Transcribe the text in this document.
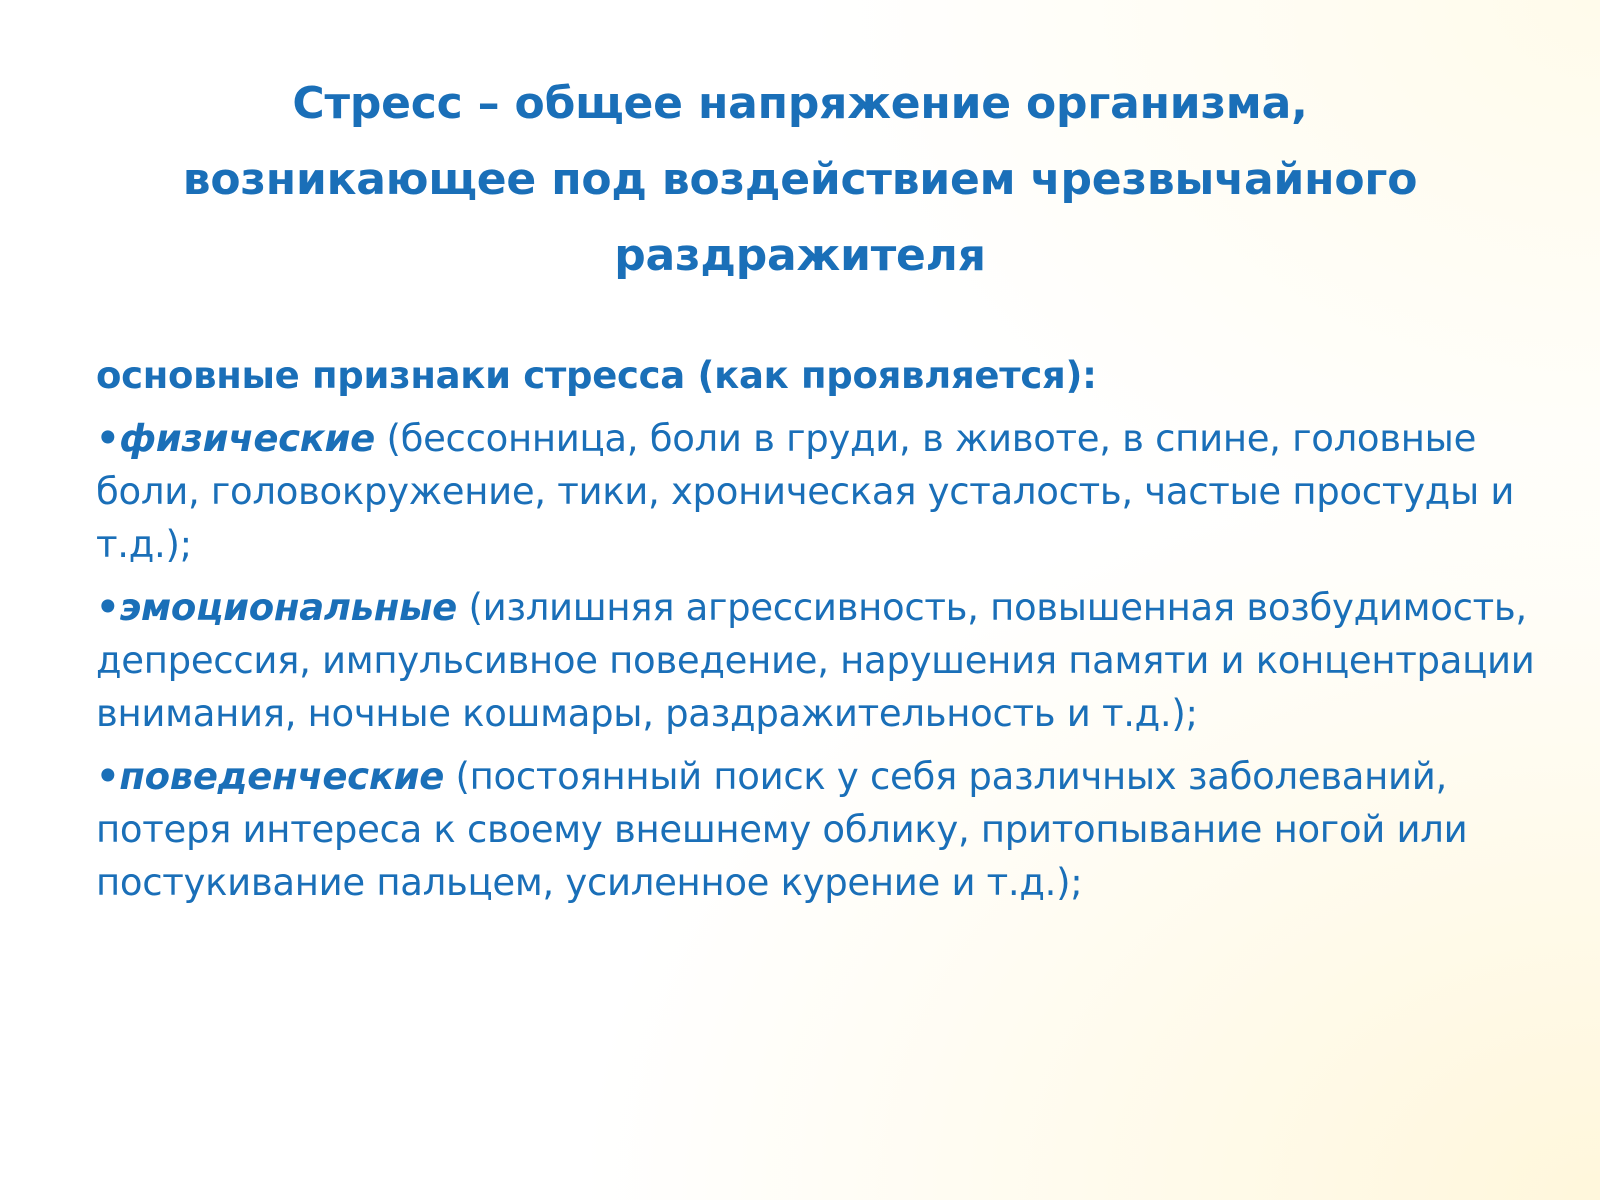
Стресс – общее напряжение организма,
возникающее под воздействием чрезвычайного
раздражителя
основные признаки стресса (как проявляется):
•физические (бессонница, боли в груди, в животе, в спине, головные боли, головокружение, тики, хроническая усталость, частые простуды и т.д.);
•эмоциональные (излишняя агрессивность, повышенная возбудимость, депрессия, импульсивное поведение, нарушения памяти и концентрации внимания, ночные кошмары, раздражительность и т.д.);
•поведенческие (постоянный поиск у себя различных заболеваний, потеря интереса к своему внешнему облику, притопывание ногой или постукивание пальцем, усиленное курение и т.д.);
